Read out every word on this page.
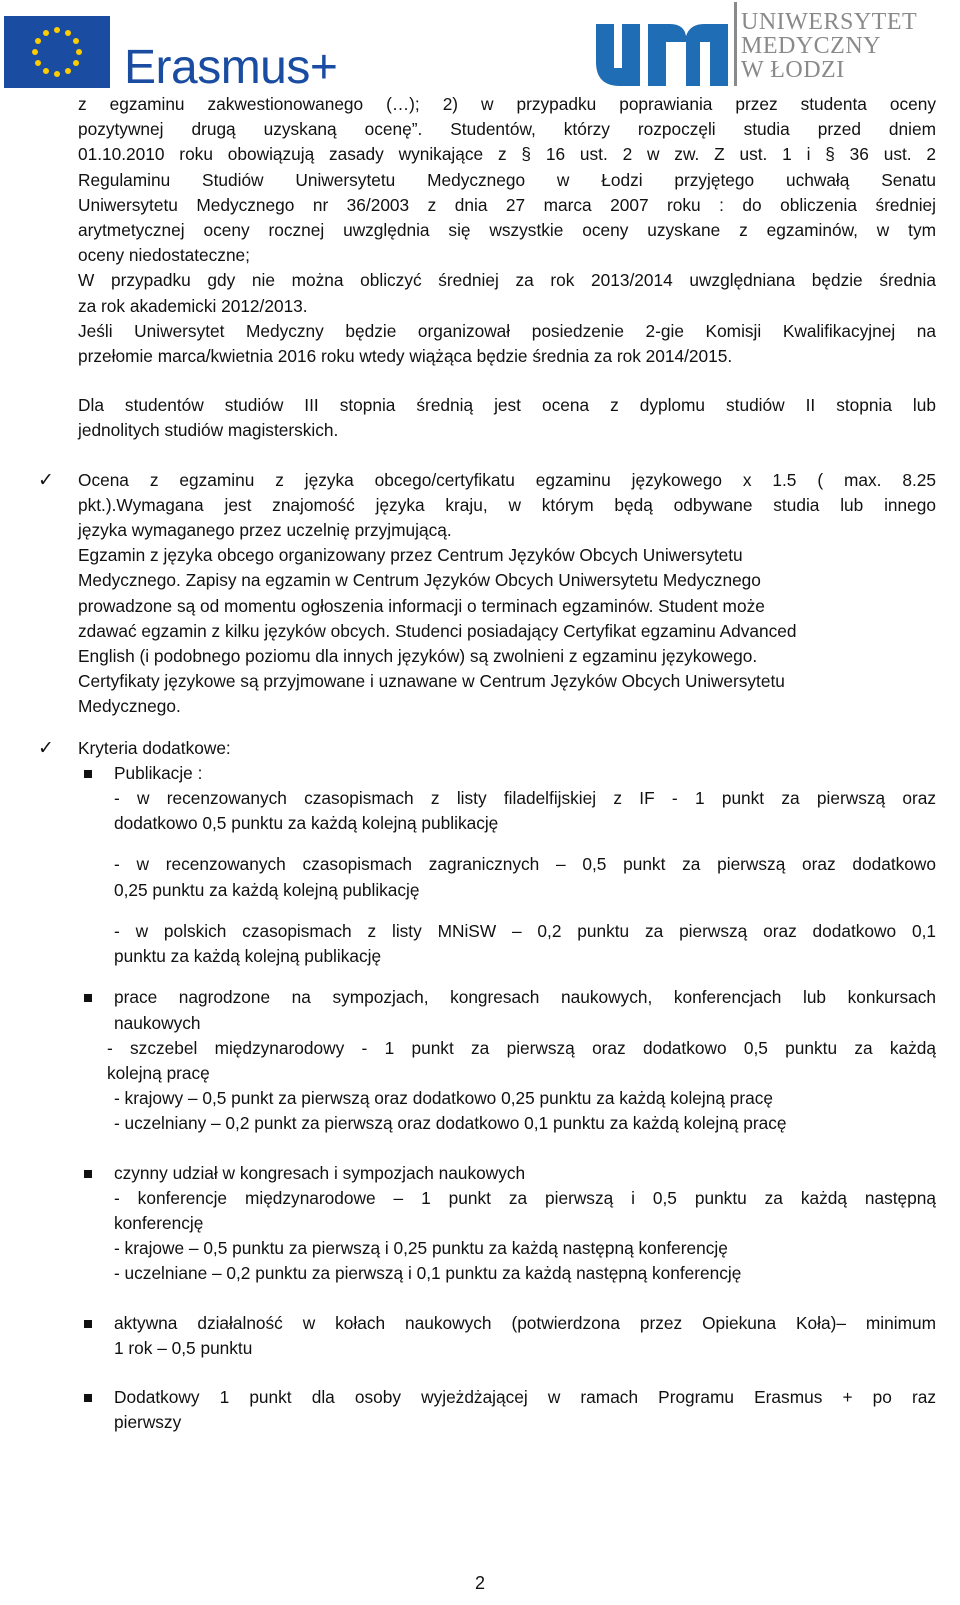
Erasmus+
UNIWERSYTET
MEDYCZNY
W ŁODZI

z egzaminu zakwestionowanego (…); 2) w przypadku poprawiania przez studenta oceny

pozytywnej drugą uzyskaną ocenę”. Studentów, którzy rozpoczęli studia przed dniem

01.10.2010 roku obowiązują zasady wynikające z § 16 ust. 2 w zw. Z ust. 1 i § 36 ust. 2

Regulaminu Studiów Uniwersytetu Medycznego w Łodzi przyjętego uchwałą Senatu

Uniwersytetu Medycznego nr 36/2003 z dnia 27 marca 2007 roku : do obliczenia średniej

arytmetycznej oceny rocznej uwzględnia się wszystkie oceny uzyskane z egzaminów, w tym

oceny niedostateczne;

W przypadku gdy nie można obliczyć średniej za rok 2013/2014 uwzględniana będzie średnia

za rok akademicki 2012/2013.

Jeśli Uniwersytet Medyczny będzie organizował posiedzenie 2-gie Komisji Kwalifikacyjnej na

przełomie marca/kwietnia 2016 roku wtedy wiążąca będzie średnia za rok 2014/2015.

Dla studentów studiów III stopnia średnią jest ocena z dyplomu studiów II stopnia lub

jednolitych studiów magisterskich.

✓ Ocena z egzaminu z języka obcego/certyfikatu egzaminu językowego x 1.5 ( max. 8.25

pkt.).Wymagana jest znajomość języka kraju, w którym będą odbywane studia lub innego

języka wymaganego przez uczelnię przyjmującą.

Egzamin z języka obcego organizowany przez Centrum Języków Obcych Uniwersytetu

Medycznego. Zapisy na egzamin w Centrum Języków Obcych Uniwersytetu Medycznego

prowadzone są od momentu ogłoszenia informacji o terminach egzaminów. Student może

zdawać egzamin z kilku języków obcych. Studenci posiadający Certyfikat egzaminu Advanced

English (i podobnego poziomu dla innych języków) są zwolnieni z egzaminu językowego.

Certyfikaty językowe są przyjmowane i uznawane w Centrum Języków Obcych Uniwersytetu

Medycznego.

✓ Kryteria dodatkowe:

Publikacje :

- w recenzowanych czasopismach z listy filadelfijskiej z IF - 1 punkt za pierwszą oraz

dodatkowo 0,5 punktu za każdą kolejną publikację

- w recenzowanych czasopismach zagranicznych – 0,5 punkt za pierwszą oraz dodatkowo

0,25 punktu za każdą kolejną publikację

- w polskich czasopismach z listy MNiSW – 0,2 punktu za pierwszą oraz dodatkowo 0,1

punktu za każdą kolejną publikację

prace nagrodzone na sympozjach, kongresach naukowych, konferencjach lub konkursach

naukowych

- szczebel międzynarodowy - 1 punkt za pierwszą oraz dodatkowo 0,5 punktu za każdą

kolejną pracę

- krajowy – 0,5 punkt za pierwszą oraz dodatkowo 0,25 punktu za każdą kolejną pracę

- uczelniany – 0,2 punkt za pierwszą oraz dodatkowo 0,1 punktu za każdą kolejną pracę

czynny udział w kongresach i sympozjach naukowych

- konferencje międzynarodowe – 1 punkt za pierwszą i 0,5 punktu za każdą następną

konferencję

- krajowe – 0,5 punktu za pierwszą i 0,25 punktu za każdą następną konferencję

- uczelniane – 0,2 punktu za pierwszą i 0,1 punktu za każdą następną konferencję

aktywna działalność w kołach naukowych (potwierdzona przez Opiekuna Koła)– minimum

1 rok – 0,5 punktu

Dodatkowy 1 punkt dla osoby wyjeżdżającej w ramach Programu Erasmus + po raz

pierwszy

2
